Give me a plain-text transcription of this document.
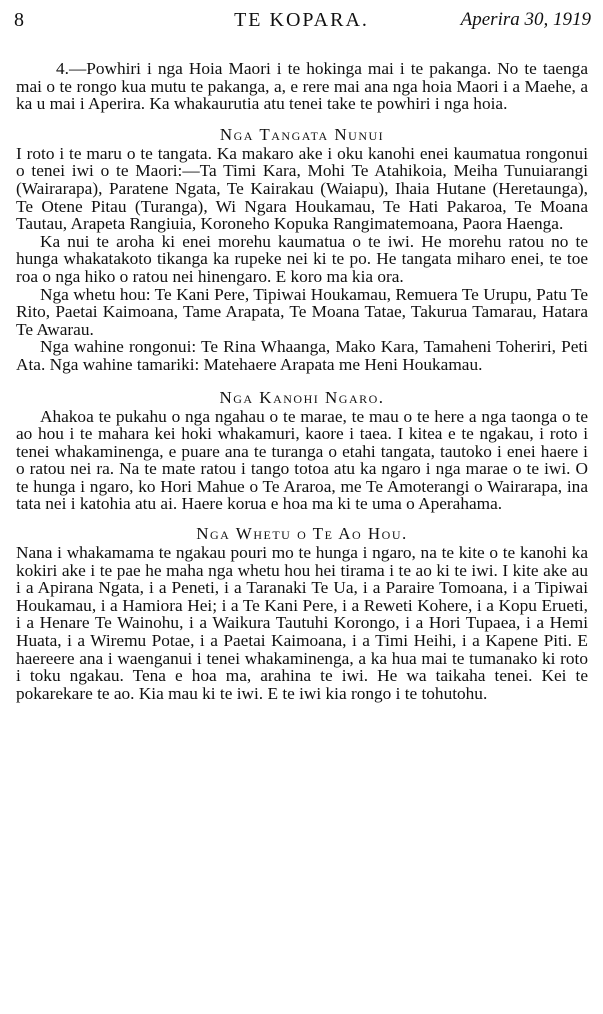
8	TE KOPARA.	Aperira 30, 1919

4.—Powhiri i nga Hoia Maori i te hokinga mai i te pakanga. No te taenga mai o te rongo kua mutu te pakanga, a, e rere mai ana nga hoia Maori i a Maehe, a ka u mai i Aperira. Ka whakaurutia atu tenei take te powhiri i nga hoia.

Nga Tangata Nunui

I roto i te maru o te tangata. Ka makaro ake i oku kanohi enei kaumatua rongonui o tenei iwi o te Maori:—Ta Timi Kara, Mohi Te Atahikoia, Meiha Tunuiarangi (Wairarapa), Paratene Ngata, Te Kairakau (Waiapu), Ihaia Hutane (Heretaunga), Te Otene Pitau (Turanga), Wi Ngara Houkamau, Te Hati Pakaroa, Te Moana Tautau, Arapeta Rangiuia, Koroneho Kopuka Rangimatemoana, Paora Haenga.

Ka nui te aroha ki enei morehu kaumatua o te iwi. He morehu ratou no te hunga whakatakoto tikanga ka rupeke nei ki te po. He tangata miharo enei, te toe roa o nga hiko o ratou nei hinengaro. E koro ma kia ora.

Nga whetu hou: Te Kani Pere, Tipiwai Houkamau, Remuera Te Urupu, Patu Te Rito, Paetai Kaimoana, Tame Arapata, Te Moana Tatae, Takurua Tamarau, Hatara Te Awarau.

Nga wahine rongonui: Te Rina Whaanga, Mako Kara, Tamaheni Toheriri, Peti Ata. Nga wahine tamariki: Matehaere Arapata me Heni Houkamau.

Nga Kanohi Ngaro.

Ahakoa te pukahu o nga ngahau o te marae, te mau o te here a nga taonga o te ao hou i te mahara kei hoki whakamuri, kaore i taea. I kitea e te ngakau, i roto i tenei whakaminenga, e puare ana te turanga o etahi tangata, tautoko i enei haere i o ratou nei ra. Na te mate ratou i tango totoa atu ka ngaro i nga marae o te iwi. O te hunga i ngaro, ko Hori Mahue o Te Araroa, me Te Amoterangi o Wairarapa, ina tata nei i katohia atu ai. Haere korua e hoa ma ki te uma o Aperahama.

Nga Whetu o Te Ao Hou.

Nana i whakamama te ngakau pouri mo te hunga i ngaro, na te kite o te kanohi ka kokiri ake i te pae he maha nga whetu hou hei tirama i te ao ki te iwi. I kite ake au i a Apirana Ngata, i a Peneti, i a Taranaki Te Ua, i a Paraire Tomoana, i a Tipiwai Houkamau, i a Hamiora Hei; i a Te Kani Pere, i a Reweti Kohere, i a Kopu Erueti, i a Henare Te Wainohu, i a Waikura Tautuhi Korongo, i a Hori Tupaea, i a Hemi Huata, i a Wiremu Potae, i a Paetai Kaimoana, i a Timi Heihi, i a Kapene Piti. E haereere ana i waenganui i tenei whakaminenga, a ka hua mai te tumanako ki roto i toku ngakau. Tena e hoa ma, arahina te iwi. He wa taikaha tenei. Kei te pokarekare te ao. Kia mau ki te iwi. E te iwi kia rongo i te tohutohu.
